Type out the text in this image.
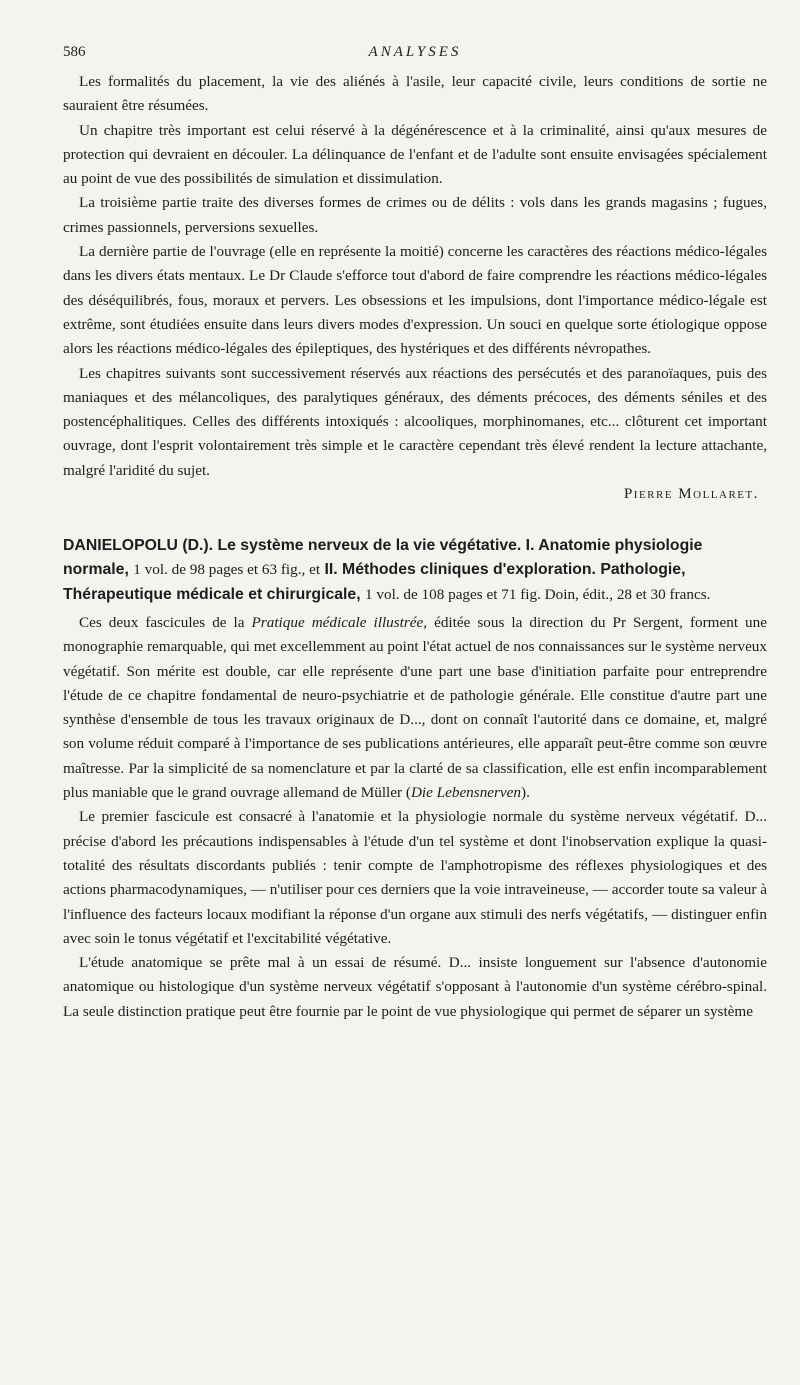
586	ANALYSES

Les formalités du placement, la vie des aliénés à l'asile, leur capacité civile, leurs conditions de sortie ne sauraient être résumées.

Un chapitre très important est celui réservé à la dégénérescence et à la criminalité, ainsi qu'aux mesures de protection qui devraient en découler. La délinquance de l'enfant et de l'adulte sont ensuite envisagées spécialement au point de vue des possibilités de simulation et dissimulation.

La troisième partie traite des diverses formes de crimes ou de délits : vols dans les grands magasins ; fugues, crimes passionnels, perversions sexuelles.

La dernière partie de l'ouvrage (elle en représente la moitié) concerne les caractères des réactions médico-légales dans les divers états mentaux. Le Dr Claude s'efforce tout d'abord de faire comprendre les réactions médico-légales des déséquilibrés, fous, moraux et pervers. Les obsessions et les impulsions, dont l'importance médico-légale est extrême, sont étudiées ensuite dans leurs divers modes d'expression. Un souci en quelque sorte étiologique oppose alors les réactions médico-légales des épileptiques, des hystériques et des différents névropathes.

Les chapitres suivants sont successivement réservés aux réactions des persécutés et des paranoïaques, puis des maniaques et des mélancoliques, des paralytiques généraux, des déments précoces, des déments séniles et des postencéphalitiques. Celles des différents intoxiqués : alcooliques, morphinomanes, etc... clôturent cet important ouvrage, dont l'esprit volontairement très simple et le caractère cependant très élevé rendent la lecture attachante, malgré l'aridité du sujet.

Pierre Mollaret.
DANIELOPOLU (D.). Le système nerveux de la vie végétative. I. Anatomie physiologie normale, 1 vol. de 98 pages et 63 fig., et II. Méthodes cliniques d'exploration. Pathologie, Thérapeutique médicale et chirurgicale, 1 vol. de 108 pages et 71 fig. Doin, édit., 28 et 30 francs.

Ces deux fascicules de la Pratique médicale illustrée, éditée sous la direction du Pr Sergent, forment une monographie remarquable, qui met excellemment au point l'état actuel de nos connaissances sur le système nerveux végétatif. Son mérite est double, car elle représente d'une part une base d'initiation parfaite pour entreprendre l'étude de ce chapitre fondamental de neuro-psychiatrie et de pathologie générale. Elle constitue d'autre part une synthèse d'ensemble de tous les travaux originaux de D..., dont on connaît l'autorité dans ce domaine, et, malgré son volume réduit comparé à l'importance de ses publications antérieures, elle apparaît peut-être comme son œuvre maîtresse. Par la simplicité de sa nomenclature et par la clarté de sa classification, elle est enfin incomparablement plus maniable que le grand ouvrage allemand de Müller (Die Lebensnerven).

Le premier fascicule est consacré à l'anatomie et la physiologie normale du système nerveux végétatif. D... précise d'abord les précautions indispensables à l'étude d'un tel système et dont l'inobservation explique la quasi-totalité des résultats discordants publiés : tenir compte de l'amphotropisme des réflexes physiologiques et des actions pharmacodynamiques, — n'utiliser pour ces derniers que la voie intraveineuse, — accorder toute sa valeur à l'influence des facteurs locaux modifiant la réponse d'un organe aux stimuli des nerfs végétatifs, — distinguer enfin avec soin le tonus végétatif et l'excitabilité végétative.

L'étude anatomique se prête mal à un essai de résumé. D... insiste longuement sur l'absence d'autonomie anatomique ou histologique d'un système nerveux végétatif s'opposant à l'autonomie d'un système cérébro-spinal. La seule distinction pratique peut être fournie par le point de vue physiologique qui permet de séparer un système
